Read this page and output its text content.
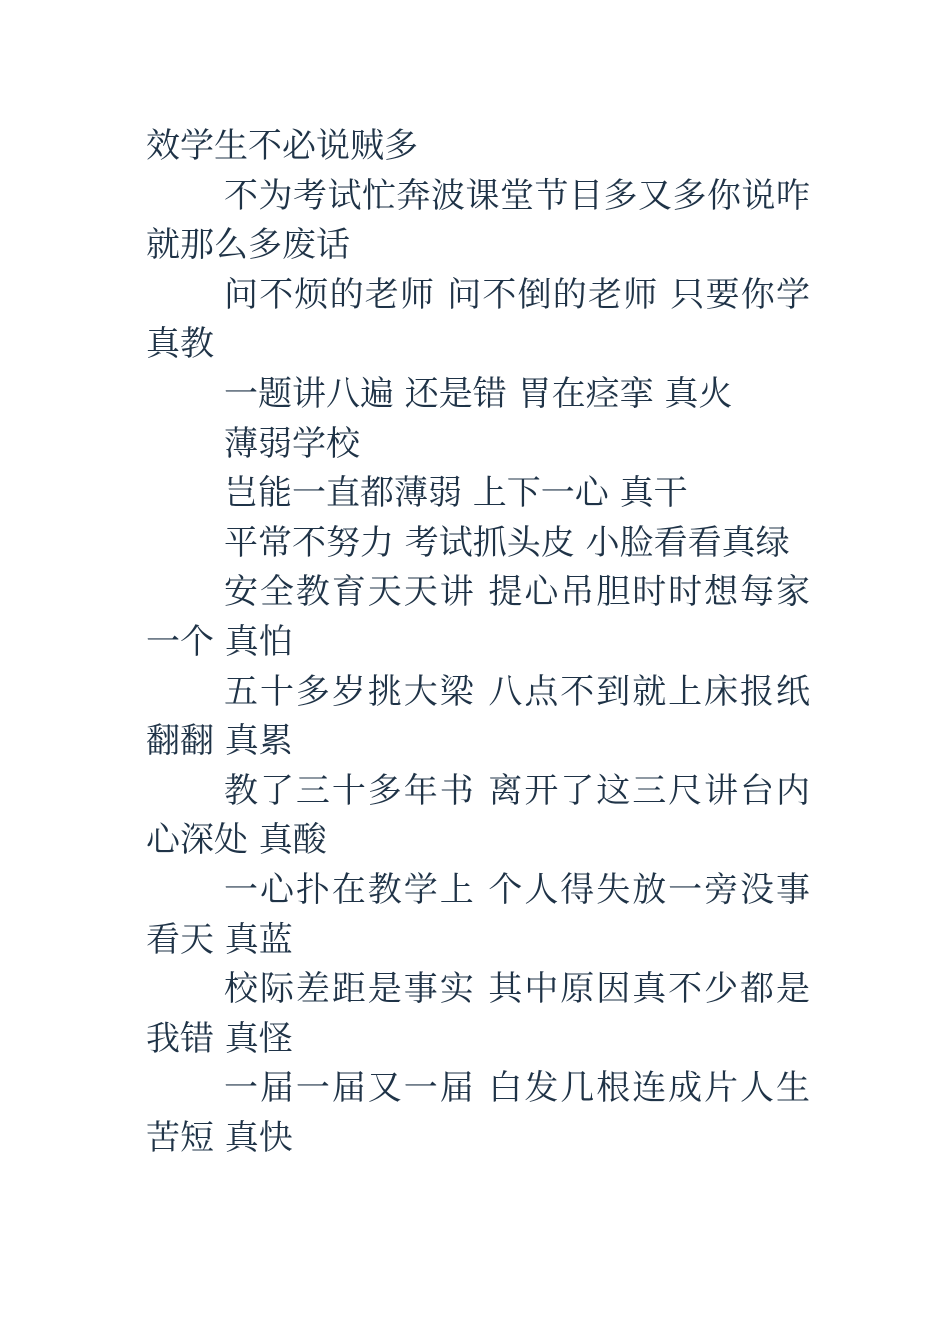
效学生不必说贼多

不为考试忙奔波课堂节目多又多你说咋就那么多废话

问不烦的老师 问不倒的老师 只要你学 真教

一题讲八遍 还是错 胃在痉挛 真火

薄弱学校

岂能一直都薄弱 上下一心 真干

平常不努力 考试抓头皮 小脸看看真绿

安全教育天天讲 提心吊胆时时想每家一个 真怕

五十多岁挑大梁 八点不到就上床报纸翻翻 真累

教了三十多年书 离开了这三尺讲台内心深处 真酸

一心扑在教学上 个人得失放一旁没事看天 真蓝

校际差距是事实 其中原因真不少都是我错 真怪

一届一届又一届 白发几根连成片人生苦短 真快
